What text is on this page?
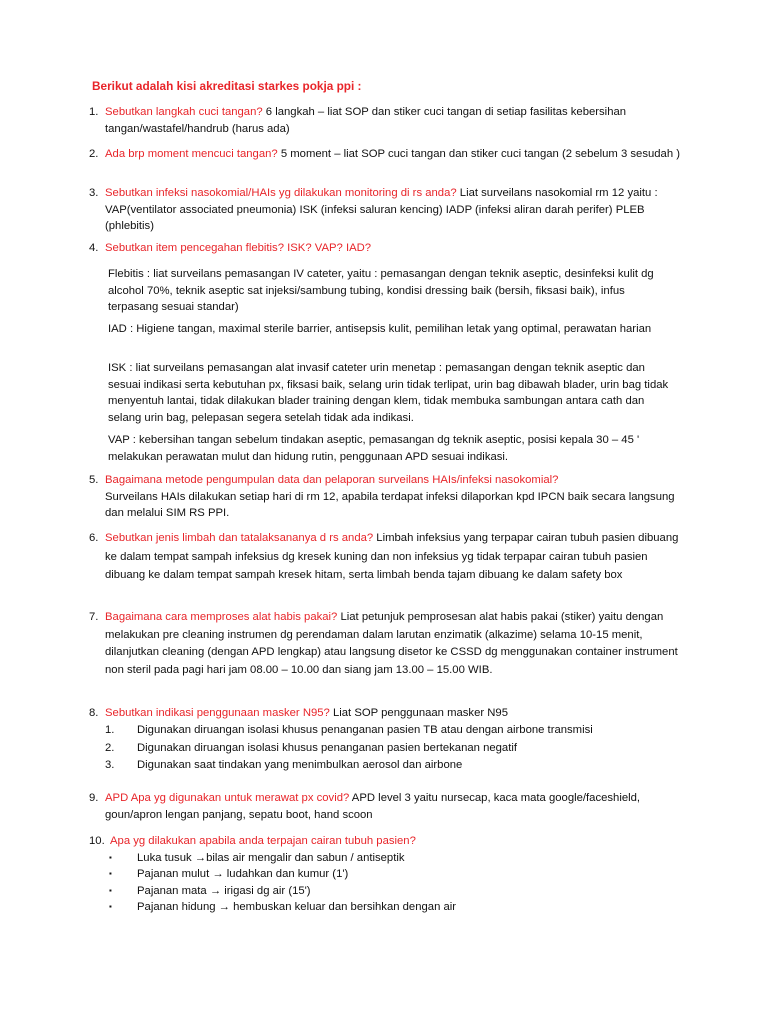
Berikut adalah kisi akreditasi starkes pokja ppi :
1. Sebutkan langkah cuci tangan? 6 langkah – liat SOP dan stiker cuci tangan di setiap fasilitas kebersihan tangan/wastafel/handrub (harus ada)
2. Ada brp moment mencuci tangan? 5 moment – liat SOP cuci tangan dan stiker cuci tangan (2 sebelum 3 sesudah )
3. Sebutkan infeksi nasokomial/HAIs yg dilakukan monitoring di rs anda? Liat surveilans nasokomial rm 12 yaitu : VAP(ventilator associated pneumonia) ISK (infeksi saluran kencing) IADP (infeksi aliran darah perifer) PLEB (phlebitis)
4. Sebutkan item pencegahan flebitis? ISK? VAP? IAD?
Flebitis : liat surveilans pemasangan IV cateter, yaitu : pemasangan dengan teknik aseptic, desinfeksi kulit dg alcohol 70%, teknik aseptic sat injeksi/sambung tubing, kondisi dressing baik (bersih, fiksasi baik), infus terpasang sesuai standar)
IAD : Higiene tangan, maximal sterile barrier, antisepsis kulit, pemilihan letak yang optimal, perawatan harian
ISK : liat surveilans pemasangan alat invasif cateter urin menetap : pemasangan dengan teknik aseptic dan sesuai indikasi serta kebutuhan px, fiksasi baik, selang urin tidak terlipat, urin bag dibawah blader, urin bag tidak menyentuh lantai, tidak dilakukan blader training dengan klem, tidak membuka sambungan antara cath dan selang urin bag, pelepasan segera setelah tidak ada indikasi.
VAP : kebersihan tangan sebelum tindakan aseptic, pemasangan dg teknik aseptic, posisi kepala 30 – 45 ' melakukan perawatan mulut dan hidung rutin, penggunaan APD sesuai indikasi.
5. Bagaimana metode pengumpulan data dan pelaporan surveilans HAIs/infeksi nasokomial?
Surveilans HAIs dilakukan setiap hari di rm 12, apabila terdapat infeksi dilaporkan kpd IPCN baik secara langsung dan melalui SIM RS PPI.
6. Sebutkan jenis limbah dan tatalaksananya d rs anda? Limbah infeksius yang terpapar cairan tubuh pasien dibuang ke dalam tempat sampah infeksius dg kresek kuning dan non infeksius yg tidak terpapar cairan tubuh pasien dibuang ke dalam tempat sampah kresek hitam, serta limbah benda tajam dibuang ke dalam safety box
7. Bagaimana cara memproses alat habis pakai? Liat petunjuk pemprosesan alat habis pakai (stiker) yaitu dengan melakukan pre cleaning instrumen dg perendaman dalam larutan enzimatik (alkazime) selama 10-15 menit, dilanjutkan cleaning (dengan APD lengkap) atau langsung disetor ke CSSD dg menggunakan container instrument non steril pada pagi hari jam 08.00 – 10.00 dan siang jam 13.00 – 15.00 WIB.
8. Sebutkan indikasi penggunaan masker N95? Liat SOP penggunaan masker N95
1. Digunakan diruangan isolasi khusus penanganan pasien TB atau dengan airbone transmisi
2. Digunakan diruangan isolasi khusus penanganan pasien bertekanan negatif
3. Digunakan saat tindakan yang menimbulkan aerosol dan airbone
9. APD Apa yg digunakan untuk merawat px covid? APD level 3 yaitu nursecap, kaca mata google/faceshield, goun/apron lengan panjang, sepatu boot, hand scoon
10. Apa yg dilakukan apabila anda terpajan cairan tubuh pasien?
▪ Luka tusuk →bilas air mengalir dan sabun / antiseptik
▪ Pajanan mulut → ludahkan dan kumur (1')
▪ Pajanan mata → irigasi dg air (15')
▪ Pajanan hidung → hembuskan keluar dan bersihkan dengan air
